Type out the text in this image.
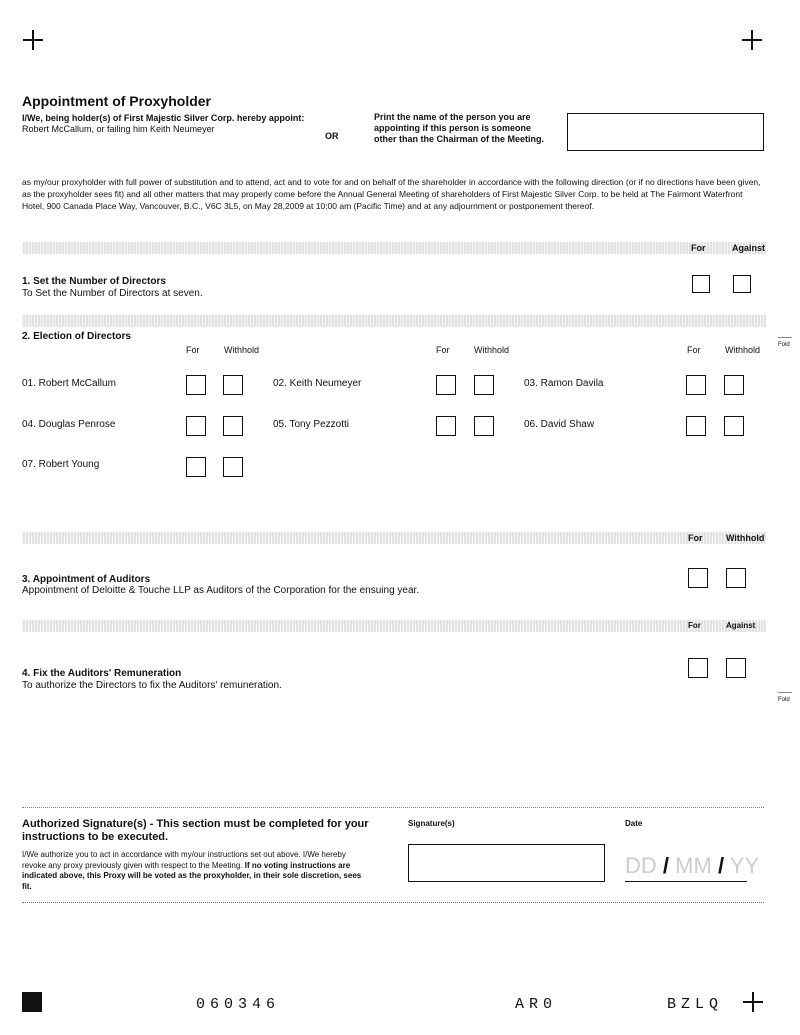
Appointment of Proxyholder
I/We, being holder(s) of First Majestic Silver Corp. hereby appoint:
Robert McCallum, or failing him Keith Neumeyer
OR
Print the name of the person you are
appointing if this person is someone
other than the Chairman of the Meeting.
as my/our proxyholder with full power of substitution and to attend, act and to vote for and on behalf of the shareholder in accordance with the following direction (or if no directions have been given, as the proxyholder sees fit) and all other matters that may properly come before the Annual General Meeting of shareholders of First Majestic Silver Corp. to be held at The Fairmont Waterfront Hotel, 900 Canada Place Way, Vancouver, B.C., V6C 3L5, on May 28,2009 at 10:00 am (Pacific Time) and at any adjournment or postponement thereof.
For	Against
1. Set the Number of Directors
To Set the Number of Directors at seven.
Fold
2. Election of Directors
For	Withhold	For	Withhold	For	Withhold
01. Robert McCallum	02. Keith Neumeyer	03. Ramon Davila
04. Douglas Penrose	05. Tony Pezzotti	06. David Shaw
07. Robert Young
For	Withhold
3. Appointment of Auditors
Appointment of Deloitte & Touche LLP as Auditors of the Corporation for the ensuing year.
For	Against
4. Fix the Auditors' Remuneration
To authorize the Directors to fix the Auditors' remuneration.
Fold
Authorized Signature(s) - This section must be completed for your
instructions to be executed.
I/We authorize you to act in accordance with my/our instructions set out above. I/We hereby
revoke any proxy previously given with respect to the Meeting. If no voting instructions are
indicated above, this Proxy will be voted as the proxyholder, in their sole discretion, sees
fit.
Signature(s)	Date
DD / MM / YY
060346	AR0	BZLQ
